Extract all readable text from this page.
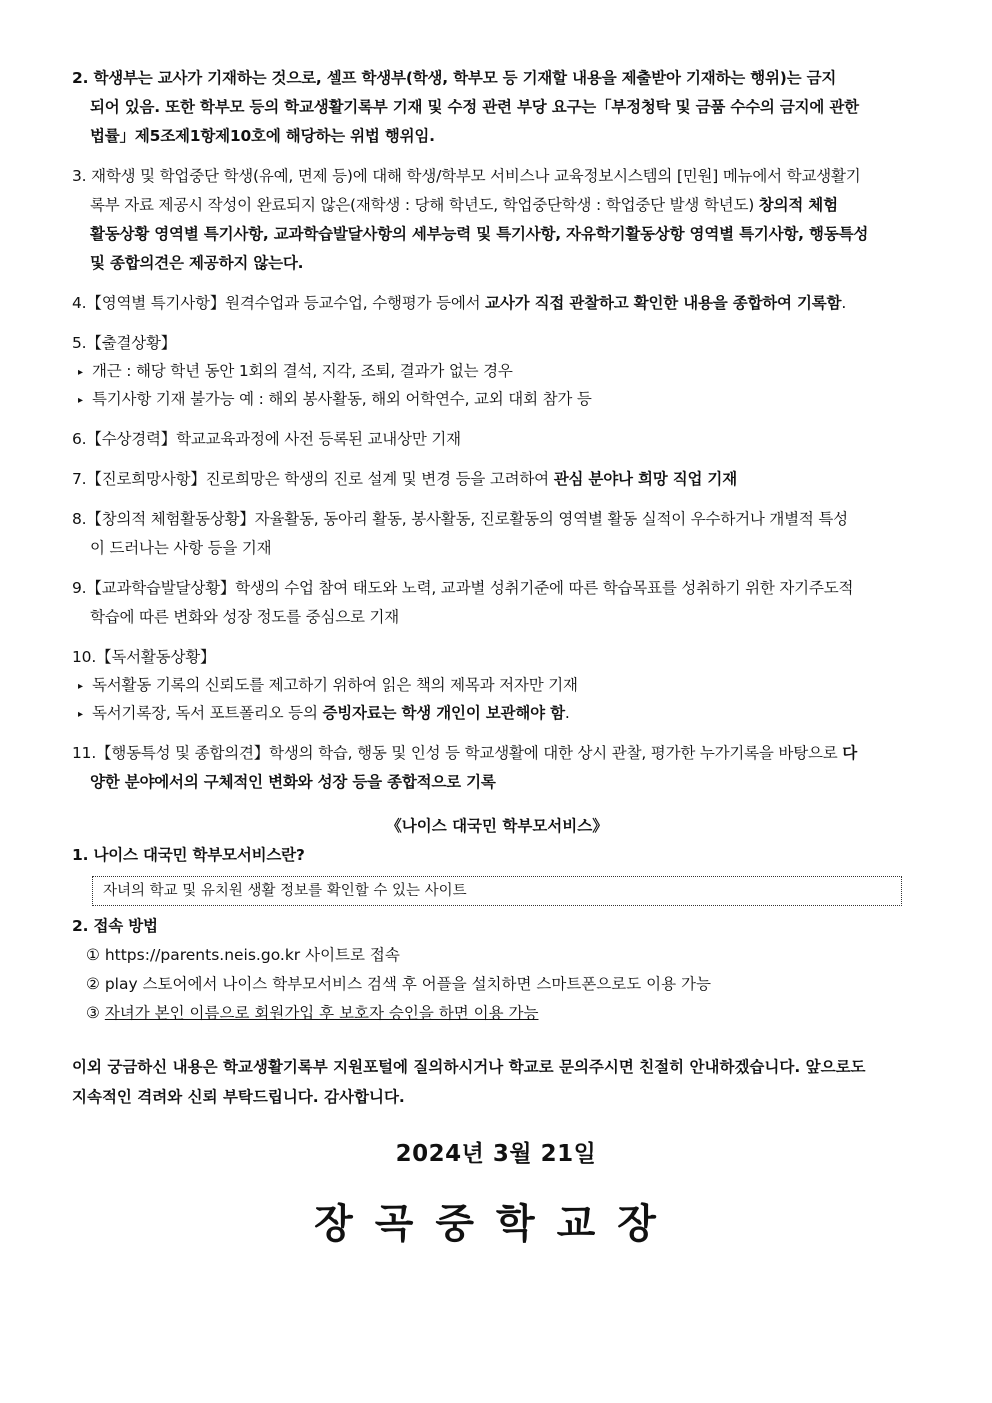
2. 학생부는 교사가 기재하는 것으로, 셀프 학생부(학생, 학부모 등 기재할 내용을 제출받아 기재하는 행위)는 금지
되어 있음. 또한 학부모 등의 학교생활기록부 기재 및 수정 관련 부당 요구는「부정청탁 및 금품 수수의 금지에 관한
법률」제5조제1항제10호에 해당하는 위법 행위임.
3. 재학생 및 학업중단 학생(유예, 면제 등)에 대해 학생/학부모 서비스나 교육정보시스템의 [민원] 메뉴에서 학교생활기
록부 자료 제공시 작성이 완료되지 않은(재학생 : 당해 학년도, 학업중단학생 : 학업중단 발생 학년도) 창의적 체험
활동상황 영역별 특기사항, 교과학습발달사항의 세부능력 및 특기사항, 자유학기활동상항 영역별 특기사항, 행동특성
및 종합의견은 제공하지 않는다.
4.【영역별 특기사항】원격수업과 등교수업, 수행평가 등에서 교사가 직접 관찰하고 확인한 내용을 종합하여 기록함.
5.【출결상황】
▸ 개근 : 해당 학년 동안 1회의 결석, 지각, 조퇴, 결과가 없는 경우
▸ 특기사항 기재 불가능 예 : 해외 봉사활동, 해외 어학연수, 교외 대회 참가 등
6.【수상경력】학교교육과정에 사전 등록된 교내상만 기재
7.【진로희망사항】진로희망은 학생의 진로 설계 및 변경 등을 고려하여 관심 분야나 희망 직업 기재
8.【창의적 체험활동상황】자율활동, 동아리 활동, 봉사활동, 진로활동의 영역별 활동 실적이 우수하거나 개별적 특성
이 드러나는 사항 등을 기재
9.【교과학습발달상황】학생의 수업 참여 태도와 노력, 교과별 성취기준에 따른 학습목표를 성취하기 위한 자기주도적
학습에 따른 변화와 성장 정도를 중심으로 기재
10.【독서활동상황】
▸ 독서활동 기록의 신뢰도를 제고하기 위하여 읽은 책의 제목과 저자만 기재
▸ 독서기록장, 독서 포트폴리오 등의 증빙자료는 학생 개인이 보관해야 함.
11.【행동특성 및 종합의견】학생의 학습, 행동 및 인성 등 학교생활에 대한 상시 관찰, 평가한 누가기록을 바탕으로 다
양한 분야에서의 구체적인 변화와 성장 등을 종합적으로 기록
《나이스 대국민 학부모서비스》
1. 나이스 대국민 학부모서비스란?
자녀의 학교 및 유치원 생활 정보를 확인할 수 있는 사이트
2. 접속 방법
① https://parents.neis.go.kr 사이트로 접속
② play 스토어에서 나이스 학부모서비스 검색 후 어플을 설치하면 스마트폰으로도 이용 가능
③ 자녀가 본인 이름으로 회원가입 후 보호자 승인을 하면 이용 가능
이외 궁금하신 내용은 학교생활기록부 지원포털에 질의하시거나 학교로 문의주시면 친절히 안내하겠습니다. 앞으로도
지속적인 격려와 신뢰 부탁드립니다. 감사합니다.
2024년 3월 21일
장곡중학교장
